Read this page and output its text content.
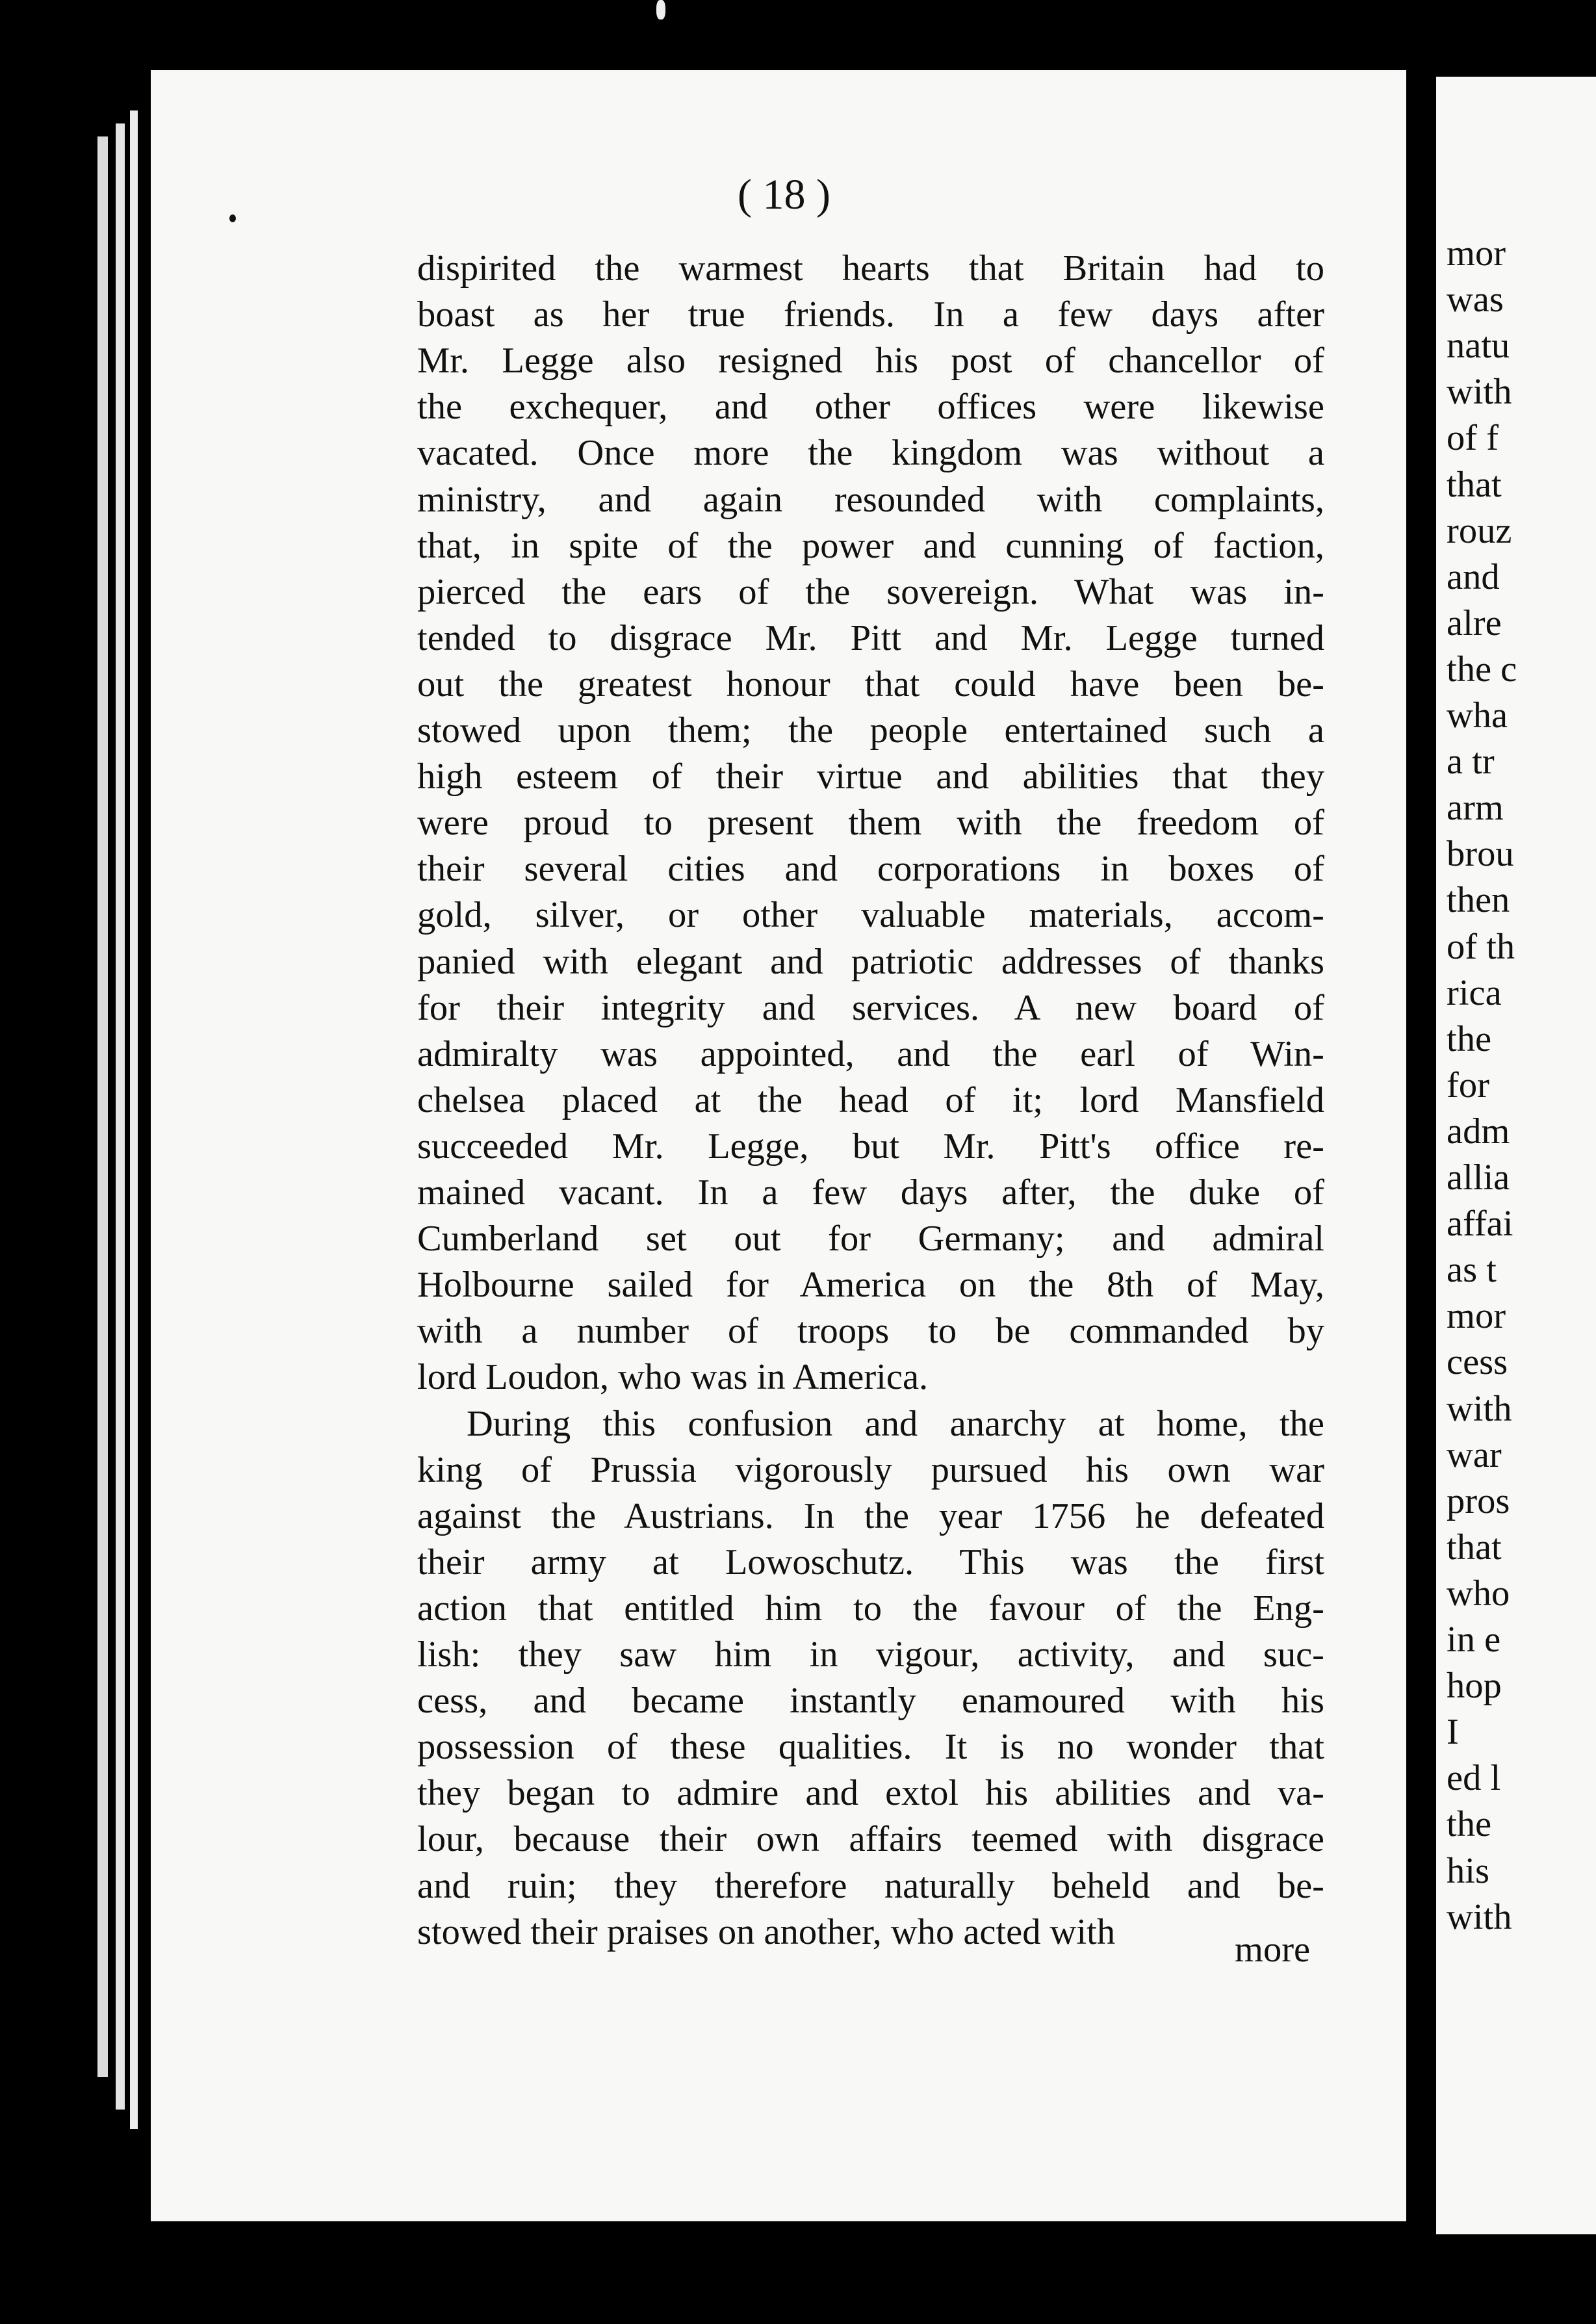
( 18 )
dispirited the warmest hearts that Britain had to
boast as her true friends. In a few days after
Mr. Legge also resigned his post of chancellor of
the exchequer, and other offices were likewise
vacated. Once more the kingdom was without a
ministry, and again resounded with complaints,
that, in spite of the power and cunning of faction,
pierced the ears of the sovereign. What was in-
tended to disgrace Mr. Pitt and Mr. Legge turned
out the greatest honour that could have been be-
stowed upon them; the people entertained such a
high esteem of their virtue and abilities that they
were proud to present them with the freedom of
their several cities and corporations in boxes of
gold, silver, or other valuable materials, accom-
panied with elegant and patriotic addresses of thanks
for their integrity and services. A new board of
admiralty was appointed, and the earl of Win-
chelsea placed at the head of it; lord Mansfield
succeeded Mr. Legge, but Mr. Pitt's office re-
mained vacant. In a few days after, the duke of
Cumberland set out for Germany; and admiral
Holbourne sailed for America on the 8th of May,
with a number of troops to be commanded by
lord Loudon, who was in America.
During this confusion and anarchy at home, the
king of Prussia vigorously pursued his own war
against the Austrians. In the year 1756 he defeated
their army at Lowoschutz. This was the first
action that entitled him to the favour of the Eng-
lish: they saw him in vigour, activity, and suc-
cess, and became instantly enamoured with his
possession of these qualities. It is no wonder that
they began to admire and extol his abilities and va-
lour, because their own affairs teemed with disgrace
and ruin; they therefore naturally beheld and be-
stowed their praises on another, who acted with	more
mor
was
natu
with
of f
that
rouz
and
alre
the c
wha
a tr
arm
brou
then
of th
rica
the
for
adm
allia
affai
as t
mor
cess
with
war
pros
that
who
in e
hop
I
ed l
the
his
with
